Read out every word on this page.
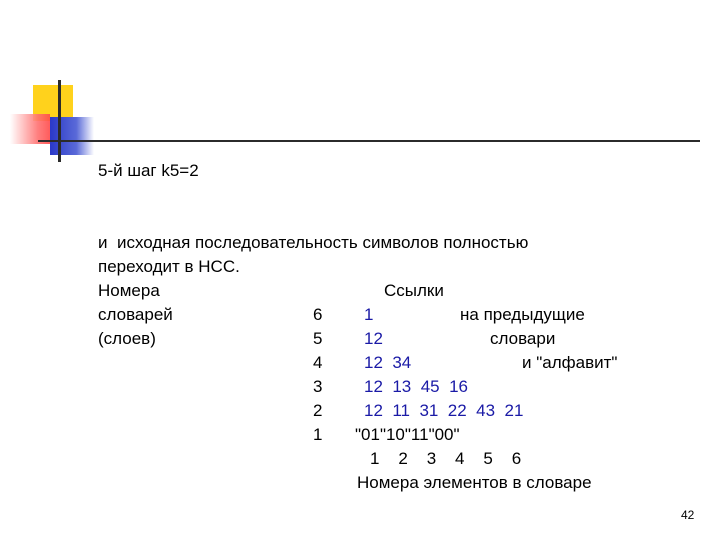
5-й шаг k5=2
и  исходная последовательность символов полностью
переходит в НСС.
Номера
словарей
(слоев)
Ссылки
на предыдущие
словари
и "алфавит"
6
5
4
3
2
1
1
12
12  34
12  13  45  16
12  11  31  22  43  21
"01"10"11"00"
1    2    3    4    5    6
Номера элементов в словаре
42
